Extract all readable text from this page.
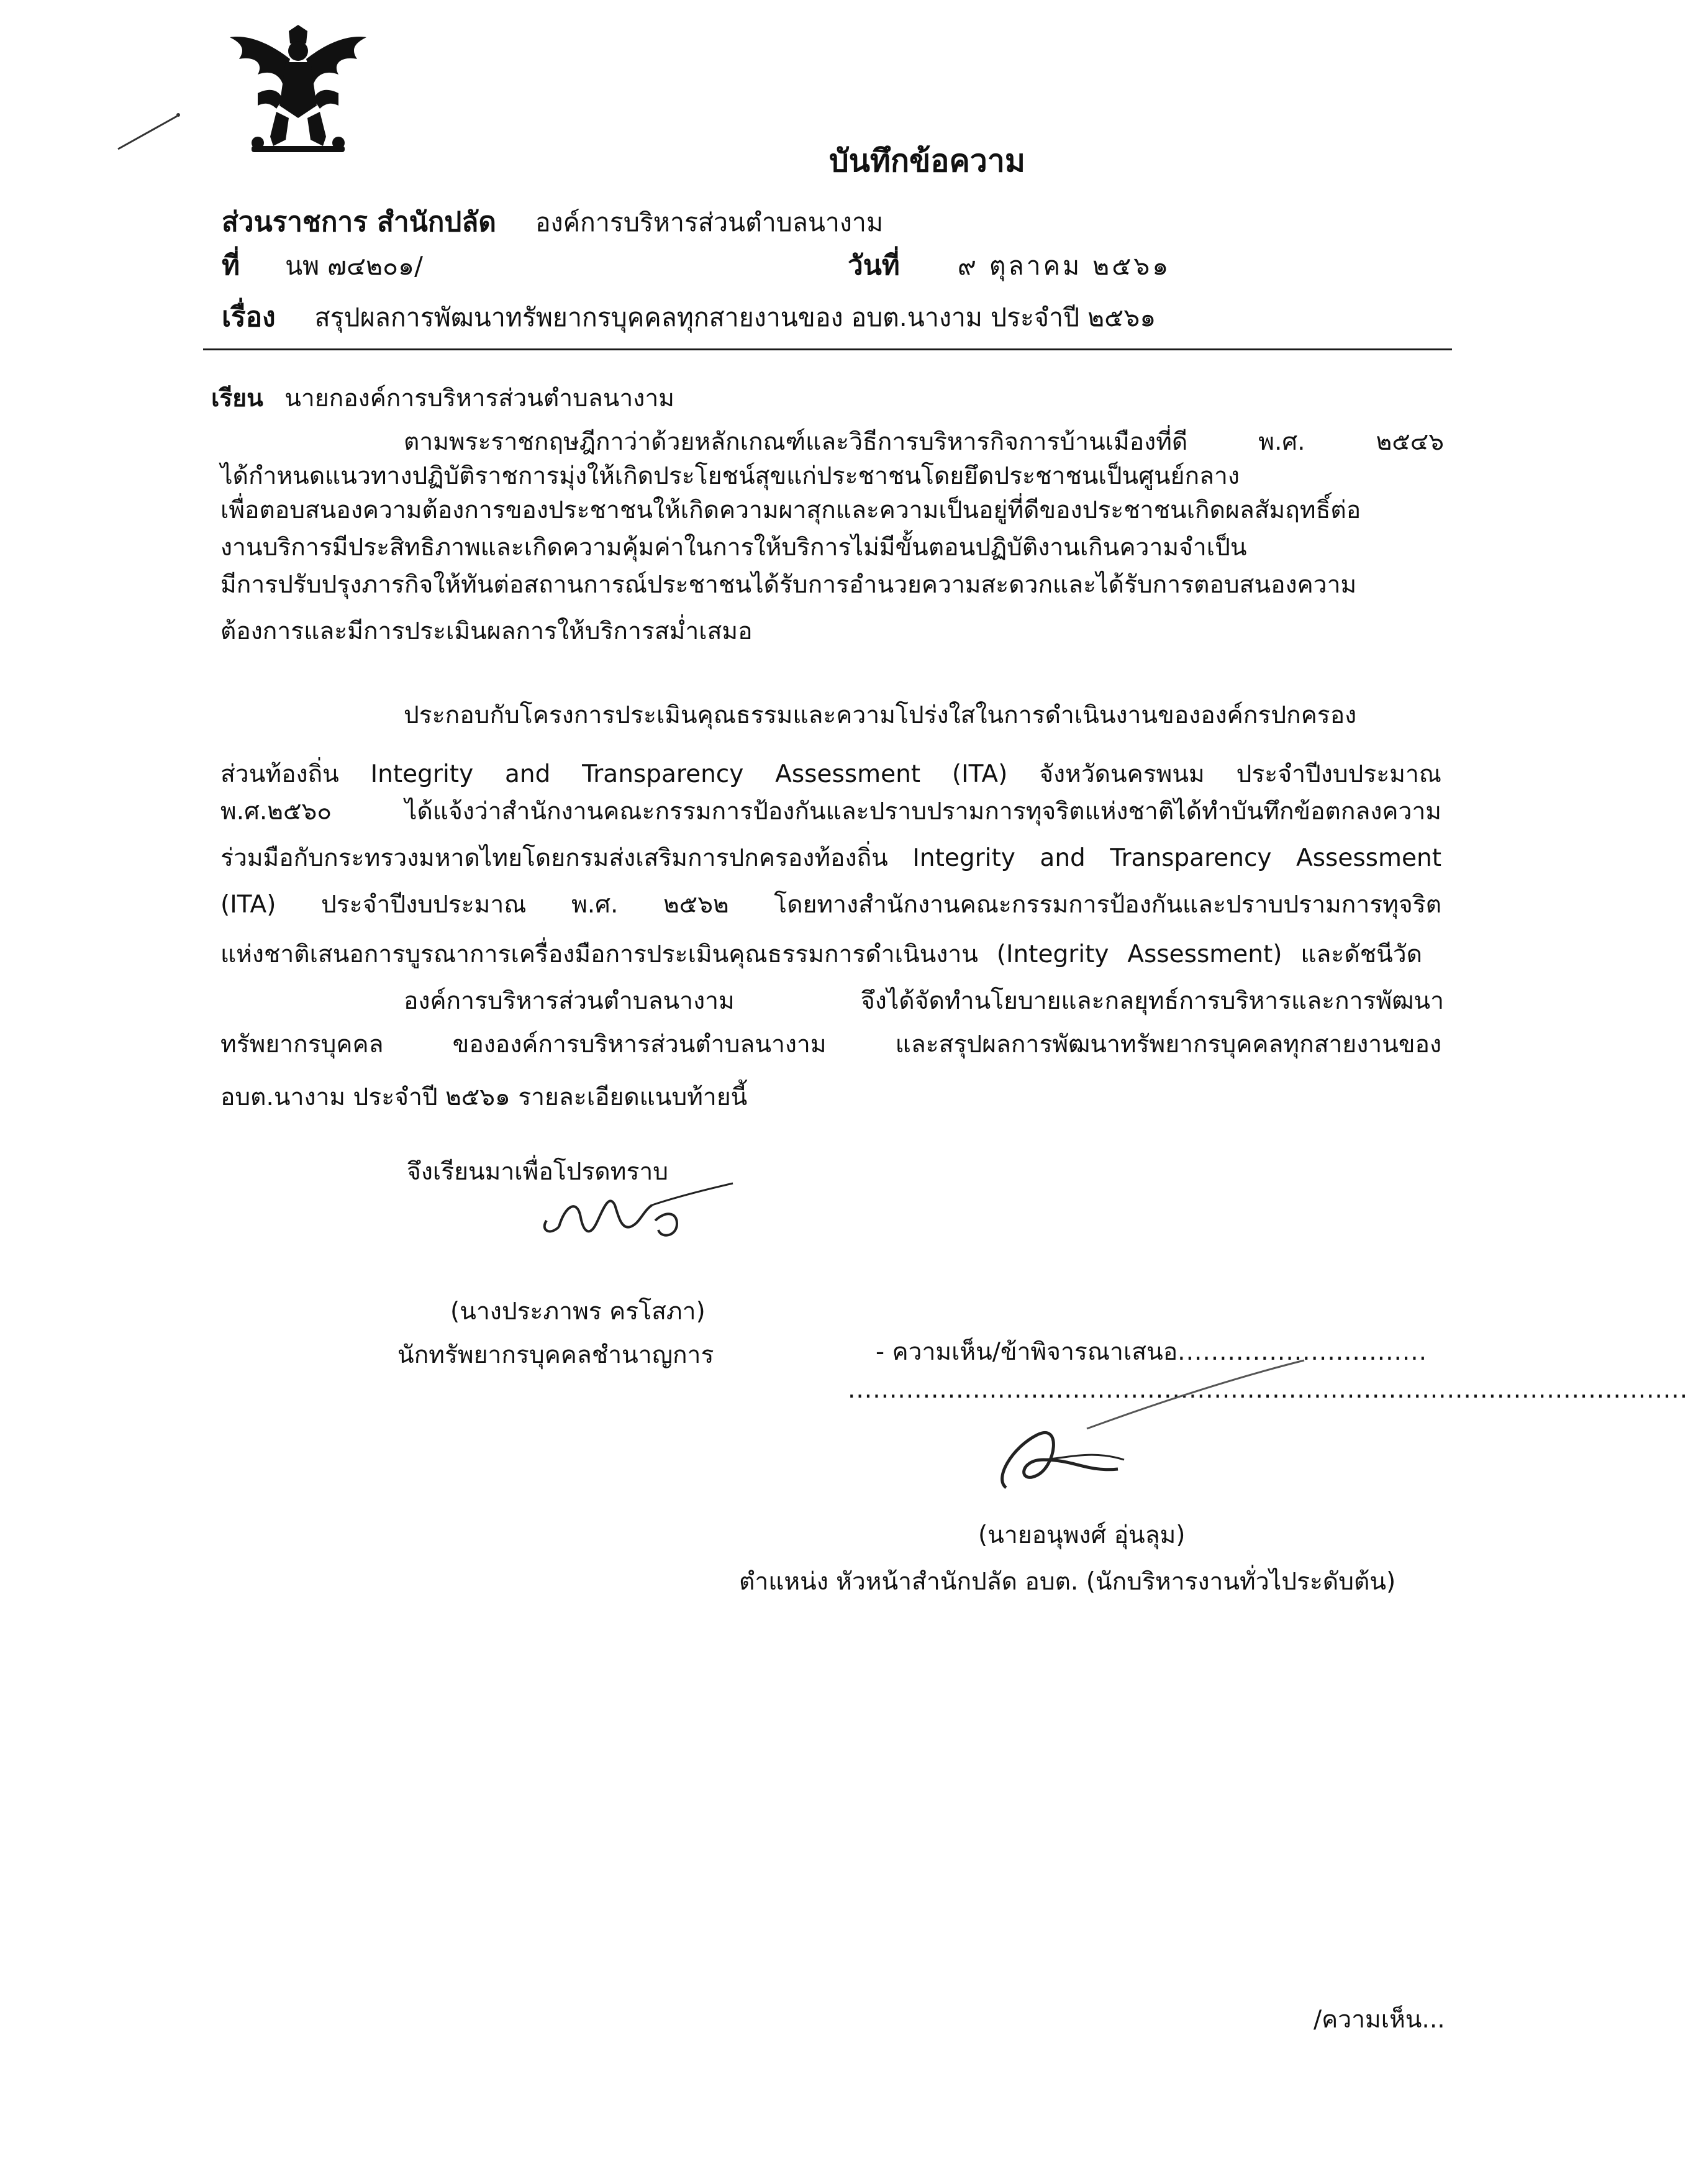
บันทึกข้อความ
ส่วนราชการ สำนักปลัด องค์การบริหารส่วนตำบลนางาม
ที่ นพ ๗๔๒๐๑/	วันที่ ๙ ตุลาคม ๒๕๖๑
เรื่อง สรุปผลการพัฒนาทรัพยากรบุคคลทุกสายงานของ อบต.นางาม ประจำปี ๒๕๖๑
เรียน นายกองค์การบริหารส่วนตำบลนางาม
ตามพระราชกฤษฎีกาว่าด้วยหลักเกณฑ์และวิธีการบริหารกิจการบ้านเมืองที่ดี พ.ศ. ๒๕๔๖
ได้กำหนดแนวทางปฏิบัติราชการมุ่งให้เกิดประโยชน์สุขแก่ประชาชนโดยยึดประชาชนเป็นศูนย์กลาง
เพื่อตอบสนองความต้องการของประชาชนให้เกิดความผาสุกและความเป็นอยู่ที่ดีของประชาชนเกิดผลสัมฤทธิ์ต่อ
งานบริการมีประสิทธิภาพและเกิดความคุ้มค่าในการให้บริการไม่มีขั้นตอนปฏิบัติงานเกินความจำเป็น
มีการปรับปรุงภารกิจให้ทันต่อสถานการณ์ประชาชนได้รับการอำนวยความสะดวกและได้รับการตอบสนองความ
ต้องการและมีการประเมินผลการให้บริการสม่ำเสมอ
ประกอบกับโครงการประเมินคุณธรรมและความโปร่งใสในการดำเนินงานขององค์กรปกครอง
ส่วนท้องถิ่น Integrity and Transparency Assessment (ITA) จังหวัดนครพนม ประจำปีงบประมาณ
พ.ศ.๒๕๖๐ ได้แจ้งว่าสำนักงานคณะกรรมการป้องกันและปราบปรามการทุจริตแห่งชาติได้ทำบันทึกข้อตกลงความ
ร่วมมือกับกระทรวงมหาดไทยโดยกรมส่งเสริมการปกครองท้องถิ่น Integrity and Transparency Assessment
(ITA) ประจำปีงบประมาณ พ.ศ. ๒๕๖๒ โดยทางสำนักงานคณะกรรมการป้องกันและปราบปรามการทุจริต
แห่งชาติเสนอการบูรณาการเครื่องมือการประเมินคุณธรรมการดำเนินงาน (Integrity Assessment) และดัชนีวัด
องค์การบริหารส่วนตำบลนางาม จึงได้จัดทำนโยบายและกลยุทธ์การบริหารและการพัฒนา
ทรัพยากรบุคคล ขององค์การบริหารส่วนตำบลนางาม และสรุปผลการพัฒนาทรัพยากรบุคคลทุกสายงานของ
อบต.นางาม ประจำปี ๒๕๖๑ รายละเอียดแนบท้ายนี้
จึงเรียนมาเพื่อโปรดทราบ
(นางประภาพร ครโสภา)
นักทรัพยากรบุคคลชำนาญการ	- ความเห็น/ข้าพิจารณาเสนอ..............................
.....................................................................................................
(นายอนุพงศ์ อุ่นลุม)
ตำแหน่ง หัวหน้าสำนักปลัด อบต. (นักบริหารงานทั่วไประดับต้น)
/ความเห็น...
